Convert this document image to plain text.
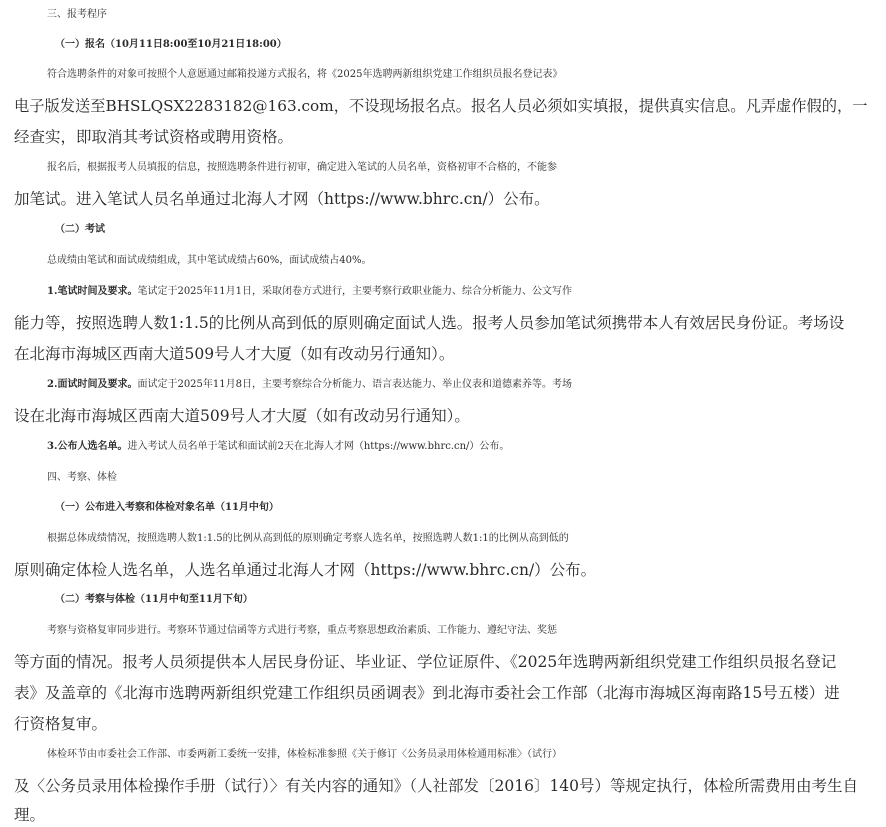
三、报考程序
（一）报名（10月11日8:00至10月21日18:00）
符合选聘条件的对象可按照个人意愿通过邮箱投递方式报名，将《2025年选聘两新组织党建工作组织员报名登记表》
电子版发送至BHSLQSX2283182@163.com，不设现场报名点。报名人员必须如实填报，提供真实信息。凡弄虚作假的，一
经查实，即取消其考试资格或聘用资格。
报名后，根据报考人员填报的信息，按照选聘条件进行初审，确定进入笔试的人员名单，资格初审不合格的，不能参
加笔试。进入笔试人员名单通过北海人才网（https://www.bhrc.cn/）公布。
（二）考试
总成绩由笔试和面试成绩组成，其中笔试成绩占60%，面试成绩占40%。
1.笔试时间及要求。笔试定于2025年11月1日，采取闭卷方式进行，主要考察行政职业能力、综合分析能力、公文写作
能力等，按照选聘人数1:1.5的比例从高到低的原则确定面试人选。报考人员参加笔试须携带本人有效居民身份证。考场设
在北海市海城区西南大道509号人才大厦（如有改动另行通知）。
2.面试时间及要求。面试定于2025年11月8日，主要考察综合分析能力、语言表达能力、举止仪表和道德素养等。考场
设在北海市海城区西南大道509号人才大厦（如有改动另行通知）。
3.公布人选名单。进入考试人员名单于笔试和面试前2天在北海人才网（https://www.bhrc.cn/）公布。
四、考察、体检
（一）公布进入考察和体检对象名单（11月中旬）
根据总体成绩情况，按照选聘人数1:1.5的比例从高到低的原则确定考察人选名单，按照选聘人数1:1的比例从高到低的
原则确定体检人选名单，人选名单通过北海人才网（https://www.bhrc.cn/）公布。
（二）考察与体检（11月中旬至11月下旬）
考察与资格复审同步进行。考察环节通过信函等方式进行考察，重点考察思想政治素质、工作能力、遵纪守法、奖惩
等方面的情况。报考人员须提供本人居民身份证、毕业证、学位证原件、《2025年选聘两新组织党建工作组织员报名登记
表》及盖章的《北海市选聘两新组织党建工作组织员函调表》到北海市委社会工作部（北海市海城区海南路15号五楼）进
行资格复审。
体检环节由市委社会工作部、市委两新工委统一安排，体检标准参照《关于修订〈公务员录用体检通用标准〉（试行）
及〈公务员录用体检操作手册（试行）〉有关内容的通知》（人社部发〔2016〕140号）等规定执行，体检所需费用由考生自
理。
